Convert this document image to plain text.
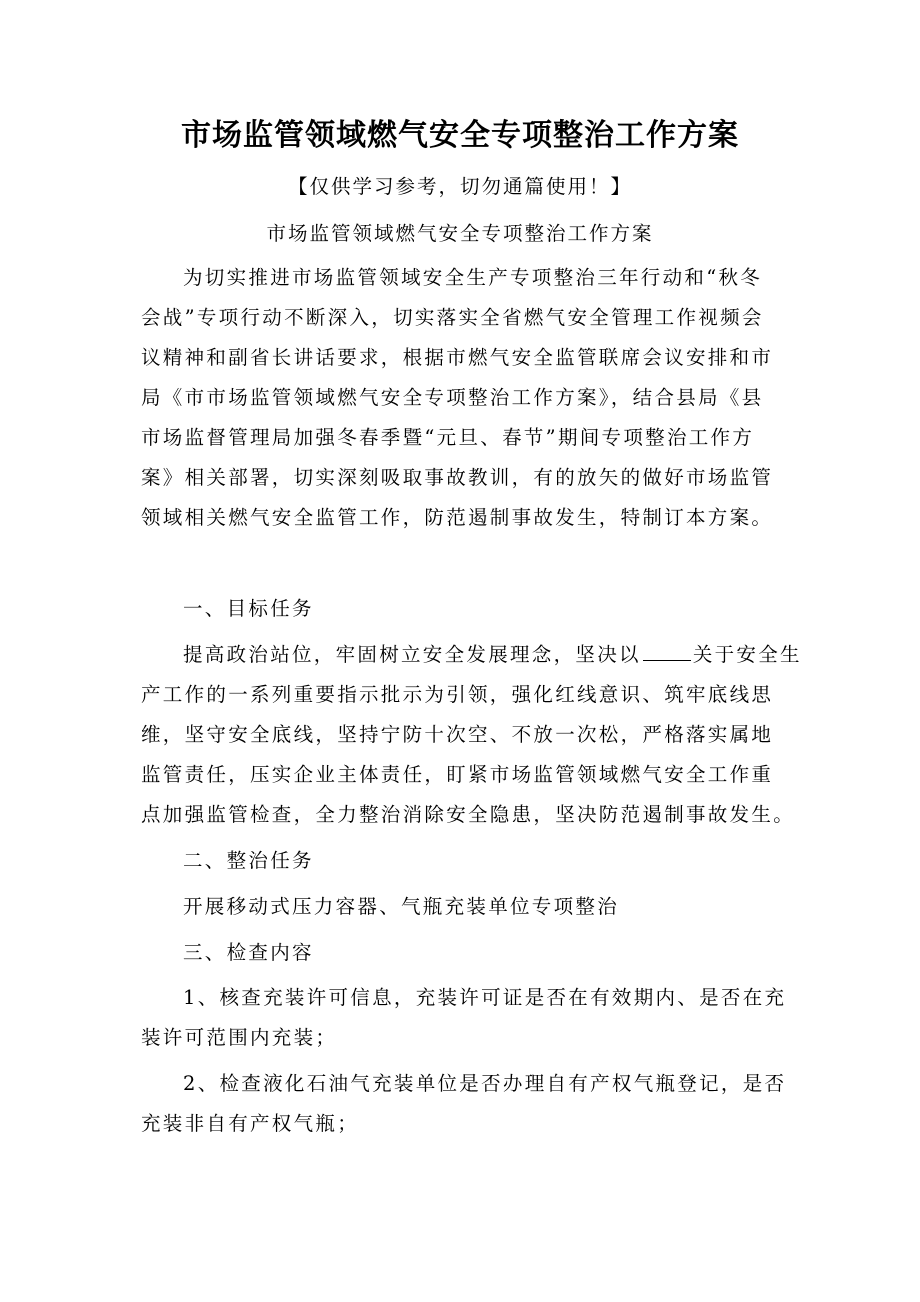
市场监管领域燃气安全专项整治工作方案
【仅供学习参考，切勿通篇使用！】
市场监管领域燃气安全专项整治工作方案
为切实推进市场监管领域安全生产专项整治三年行动和“秋冬
会战”专项行动不断深入，切实落实全省燃气安全管理工作视频会
议精神和副省长讲话要求，根据市燃气安全监管联席会议安排和市
局《市市场监管领域燃气安全专项整治工作方案》，结合县局《县
市场监督管理局加强冬春季暨“元旦、春节”期间专项整治工作方
案》相关部署，切实深刻吸取事故教训，有的放矢的做好市场监管
领域相关燃气安全监管工作，防范遏制事故发生，特制订本方案。
一、目标任务
提高政治站位，牢固树立安全发展理念，坚决以	关于安全生
产工作的一系列重要指示批示为引领，强化红线意识、筑牢底线思
维，坚守安全底线，坚持宁防十次空、不放一次松，严格落实属地
监管责任，压实企业主体责任，盯紧市场监管领域燃气安全工作重
点加强监管检查，全力整治消除安全隐患，坚决防范遏制事故发生。
二、整治任务
开展移动式压力容器、气瓶充装单位专项整治
三、检查内容
1、核查充装许可信息，充装许可证是否在有效期内、是否在充
装许可范围内充装；
2、检查液化石油气充装单位是否办理自有产权气瓶登记，是否
充装非自有产权气瓶；
